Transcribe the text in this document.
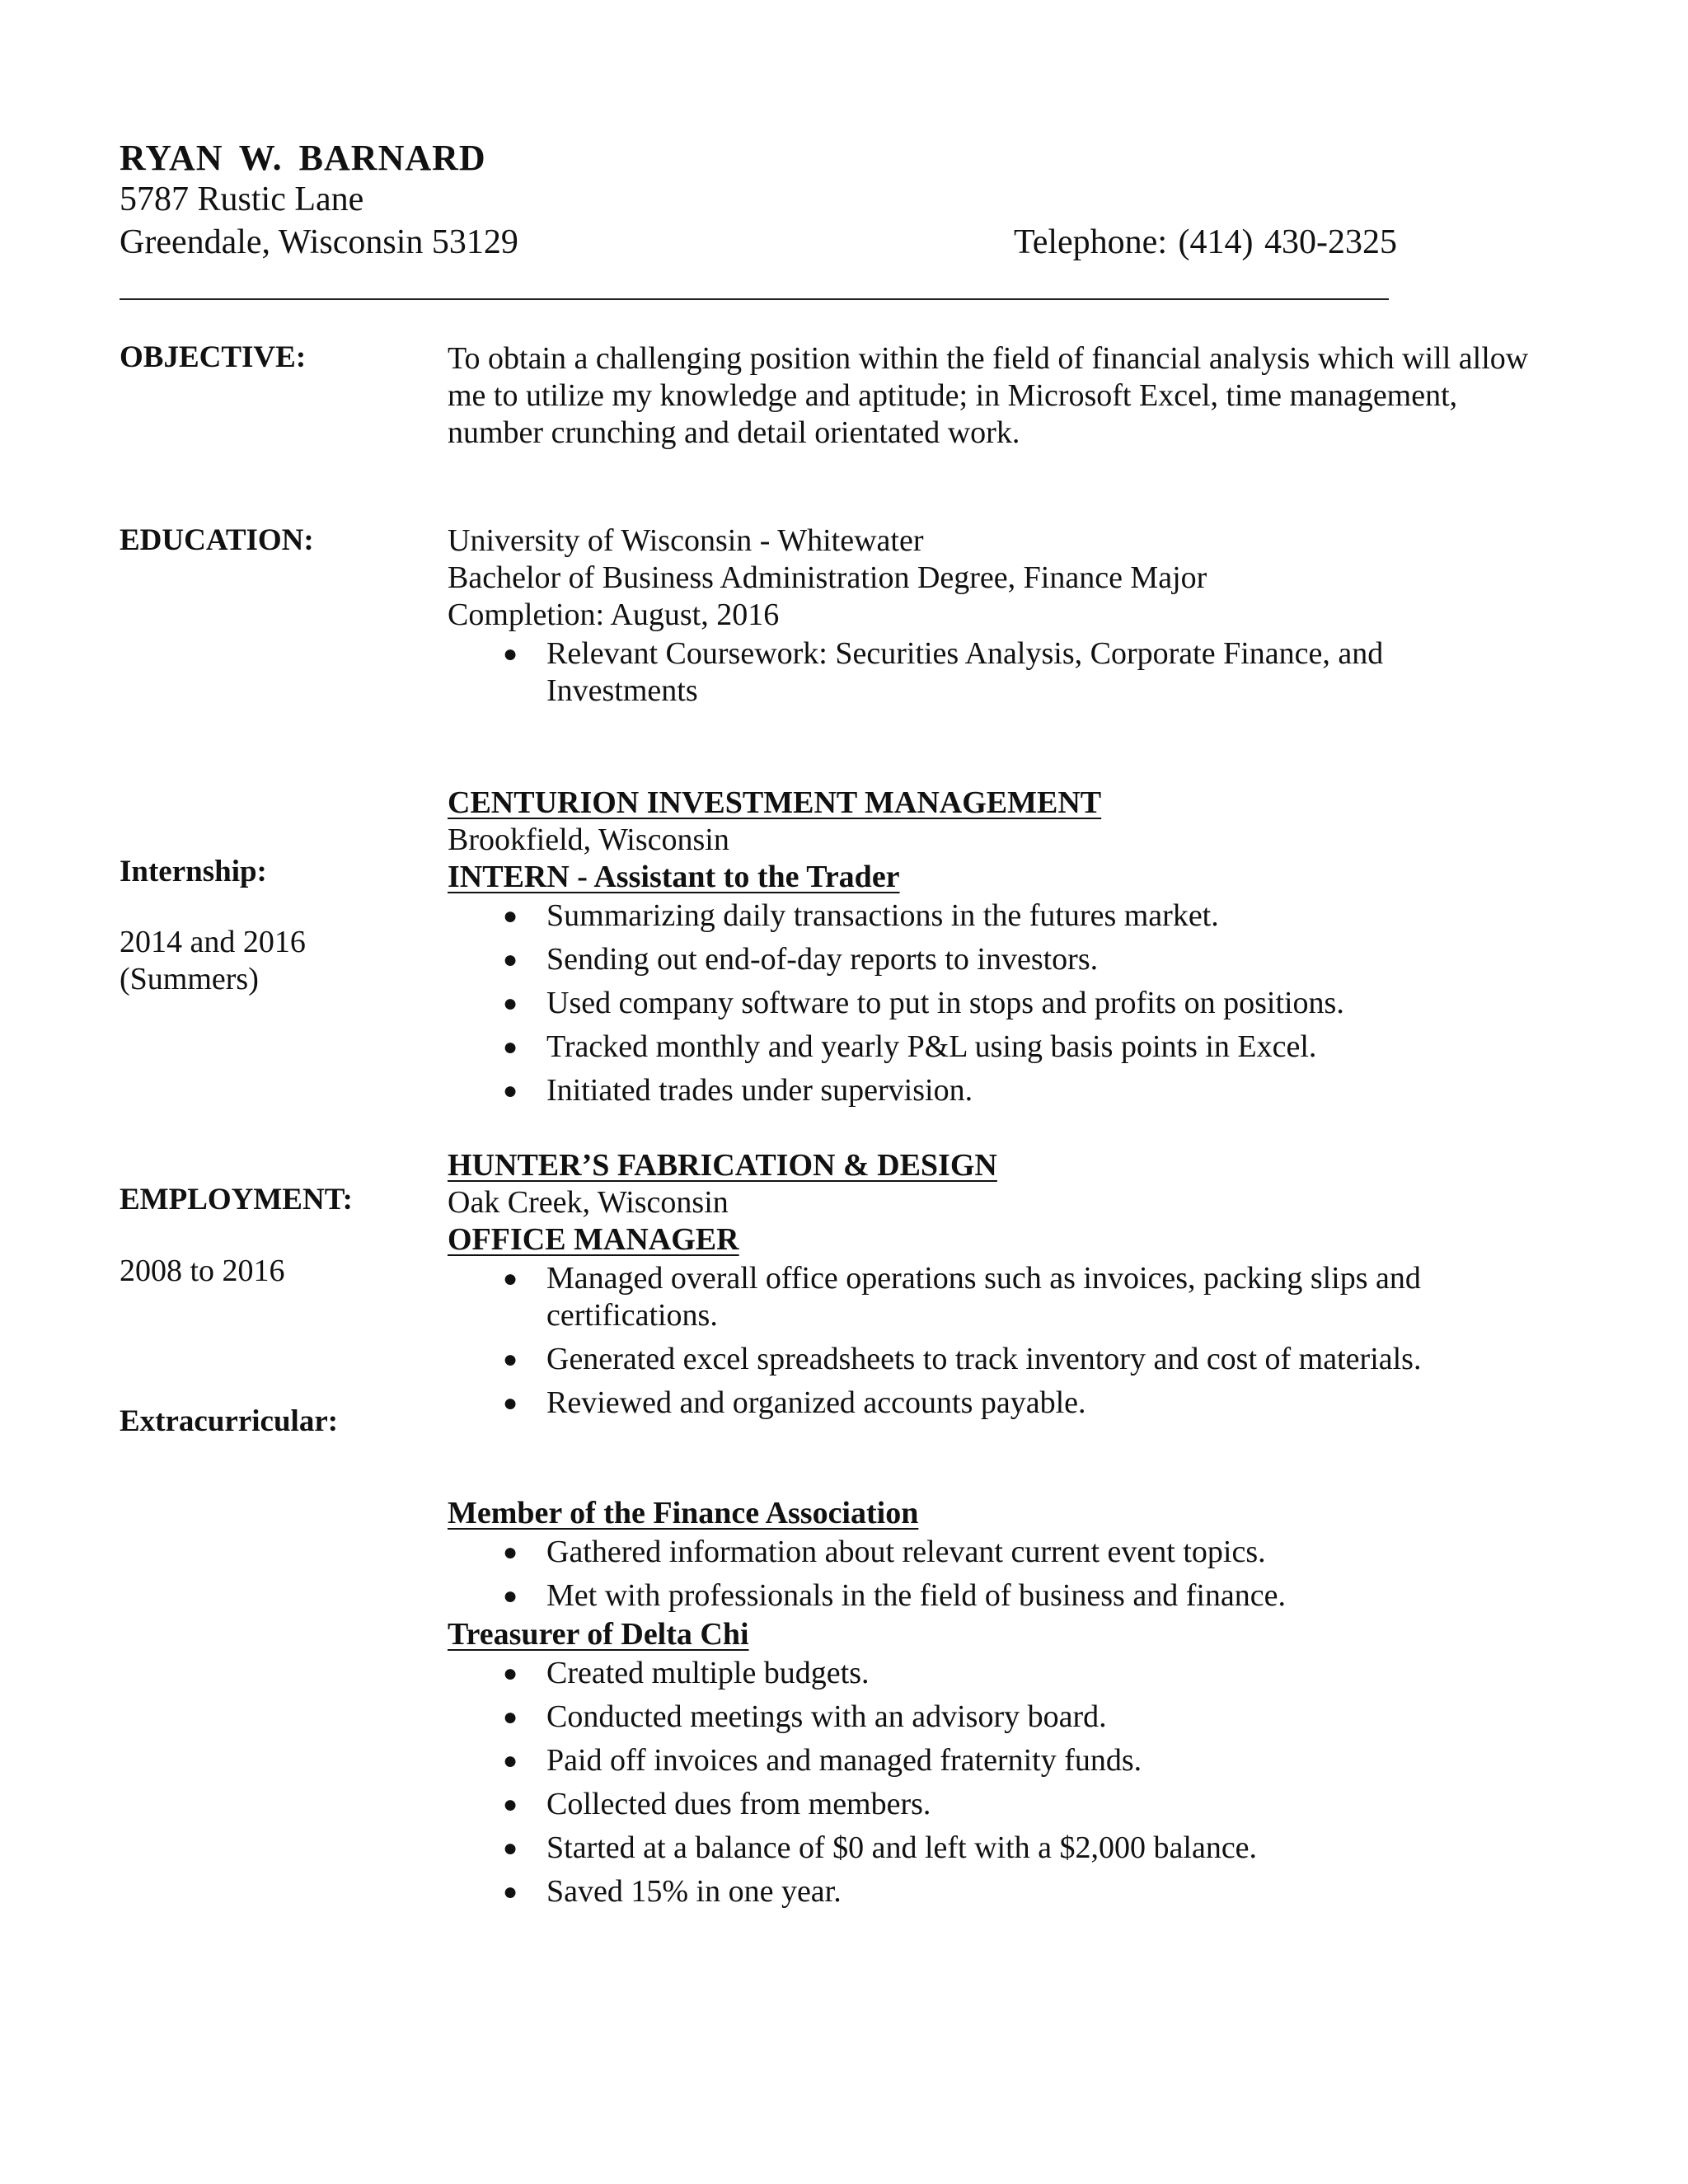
RYAN W. BARNARD
5787 Rustic Lane
Greendale, Wisconsin 53129	Telephone: (414) 430-2325
OBJECTIVE:
EDUCATION:
Internship:
2014 and 2016
(Summers)
EMPLOYMENT:
2008 to 2016
Extracurricular:
To obtain a challenging position within the field of financial analysis which will allow
me to utilize my knowledge and aptitude; in Microsoft Excel, time management,
number crunching and detail orientated work.
University of Wisconsin - Whitewater
Bachelor of Business Administration Degree, Finance Major
Completion: August, 2016
● Relevant Coursework: Securities Analysis, Corporate Finance, and
Investments
CENTURION INVESTMENT MANAGEMENT
Brookfield, Wisconsin
INTERN - Assistant to the Trader
● Summarizing daily transactions in the futures market.
● Sending out end-of-day reports to investors.
● Used company software to put in stops and profits on positions.
● Tracked monthly and yearly P&L using basis points in Excel.
● Initiated trades under supervision.
HUNTER’S FABRICATION & DESIGN
Oak Creek, Wisconsin
OFFICE MANAGER
● Managed overall office operations such as invoices, packing slips and
certifications.
● Generated excel spreadsheets to track inventory and cost of materials.
● Reviewed and organized accounts payable.
Member of the Finance Association
● Gathered information about relevant current event topics.
● Met with professionals in the field of business and finance.
Treasurer of Delta Chi
● Created multiple budgets.
● Conducted meetings with an advisory board.
● Paid off invoices and managed fraternity funds.
● Collected dues from members.
● Started at a balance of $0 and left with a $2,000 balance.
● Saved 15% in one year.
